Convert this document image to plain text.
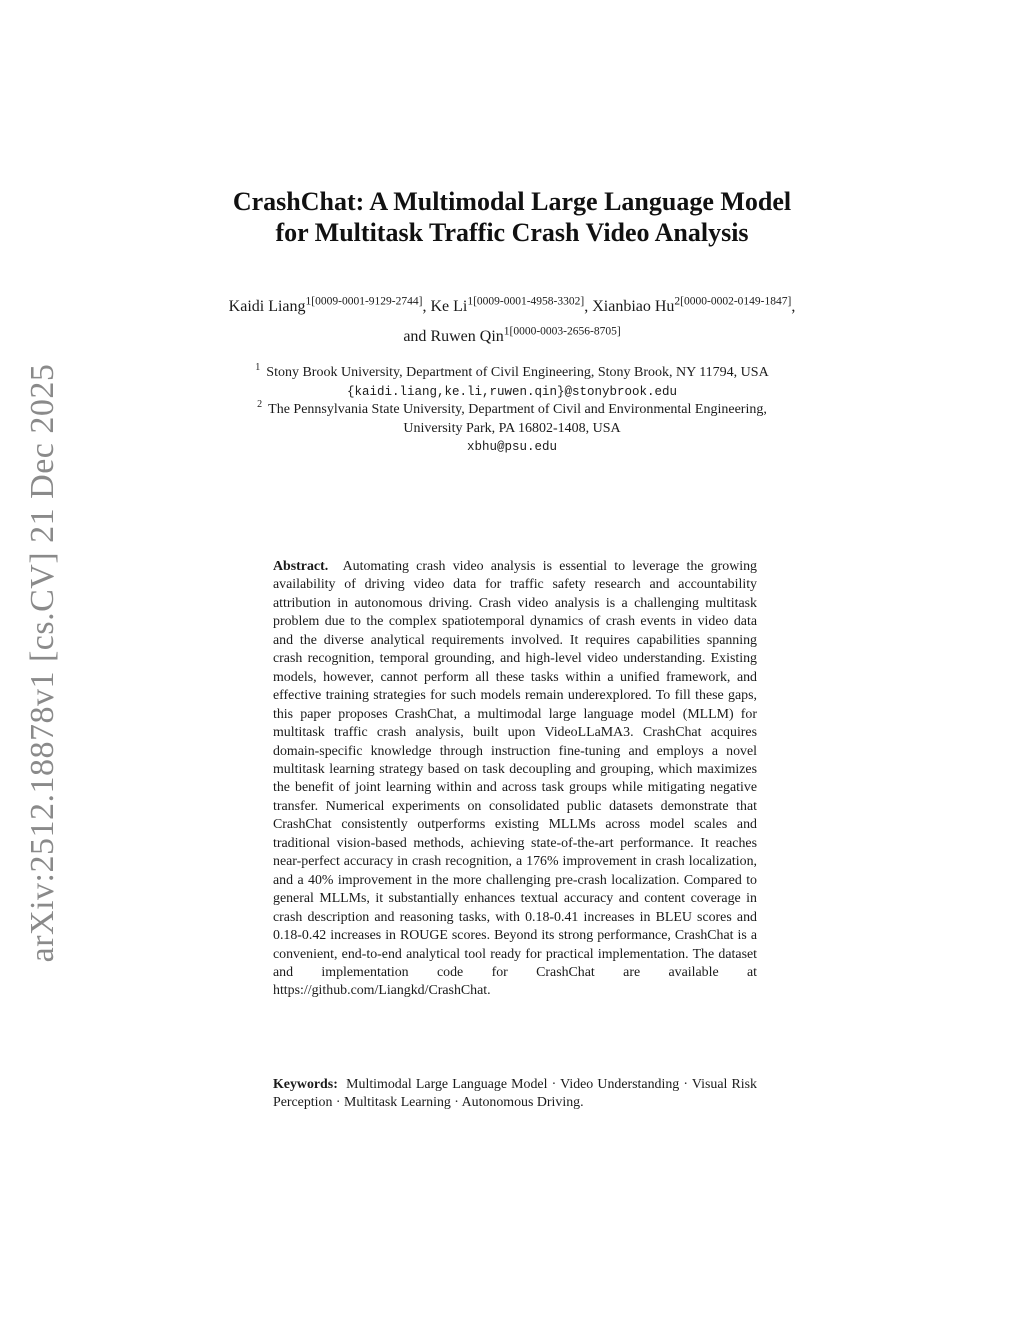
arXiv:2512.18878v1 [cs.CV] 21 Dec 2025
CrashChat: A Multimodal Large Language Model
for Multitask Traffic Crash Video Analysis
Kaidi Liang$^{1[0009-0001-9129-2744]}$, Ke $Li^{1[0009-0001-4958-3302]}$, Xianbiao $Hu^{2[0000-0002-0149-1847]}$, and Ruwen Qin$^{1[0000-0003-2656-8705]}$
$^1$ Stony Brook University, Department of Civil Engineering, Stony Brook, NY 11794, USA
{kaidi.liang,ke.li,ruwen.qin}@stonybrook.edu
$^2$ The Pennsylvania State University, Department of Civil and Environmental Engineering, University Park, PA 16802-1408, USA
xbhu@psu.edu

Abstract. Automating crash video analysis is essential to leverage the growing availability of driving video data for traffic safety research and accountability attribution in autonomous driving. Crash video analysis is a challenging multitask problem due to the complex spatiotemporal dynamics of crash events in video data and the diverse analytical requirements involved. It requires capabilities spanning crash recognition, temporal grounding, and high-level video understanding. Existing models, however, cannot perform all these tasks within a unified framework, and effective training strategies for such models remain underexplored. To fill these gaps, this paper proposes CrashChat, a multimodal large language model (MLLM) for multitask traffic crash analysis, built upon VideoLLaMA3. CrashChat acquires domain-specific knowledge through instruction fine-tuning and employs a novel multitask learning strategy based on task decoupling and grouping, which maximizes the benefit of joint learning within and across task groups while mitigating negative transfer. Numerical experiments on consolidated public datasets demonstrate that CrashChat consistently outperforms existing MLLMs across model scales and traditional vision-based methods, achieving state-of-the-art performance. It reaches near-perfect accuracy in crash recognition, a 176% improvement in crash localization, and a 40% improvement in the more challenging pre-crash localization. Compared to general MLLMs, it substantially enhances textual accuracy and content coverage in crash description and reasoning tasks, with 0.18-0.41 increases in BLEU scores and 0.18-0.42 increases in ROUGE scores. Beyond its strong performance, CrashChat is a convenient, end-to-end analytical tool ready for practical implementation. The dataset and implementation code for CrashChat are available at https://github.com/Liangkd/CrashChat.

Keywords: Multimodal Large Language Model · Video Understanding · Visual Risk Perception · Multitask Learning · Autonomous Driving.
